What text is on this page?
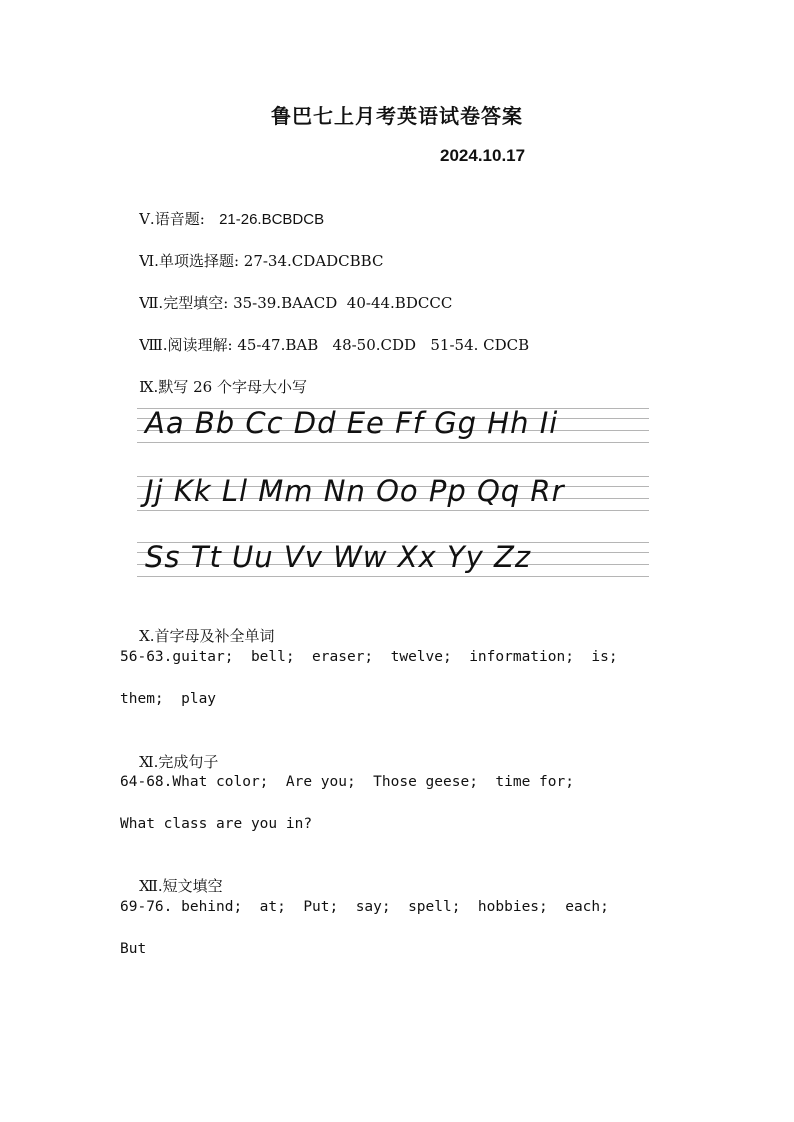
鲁巴七上月考英语试卷答案
2024.10.17

Ⅴ.语音题: 21-26.BCBDCB

Ⅵ.单项选择题: 27-34.CDADCBBC

Ⅶ.完型填空: 35-39.BAACD  40-44.BDCCC

Ⅷ.阅读理解: 45-47.BAB   48-50.CDD   51-54. CDCB

Ⅸ.默写 26 个字母大小写

Aa Bb Cc Dd Ee Ff Gg Hh Ii
Jj Kk Ll Mm Nn Oo Pp Qq Rr
Ss Tt Uu Vv Ww Xx Yy Zz

Ⅹ.首字母及补全单词

56-63.guitar;  bell;  eraser;  twelve;  information;  is;
them;  play

Ⅺ.完成句子

64-68.What color;  Are you;  Those geese;  time for;
What class are you in?

Ⅻ.短文填空

69-76. behind;  at;  Put;  say;  spell;  hobbies;  each;
But
